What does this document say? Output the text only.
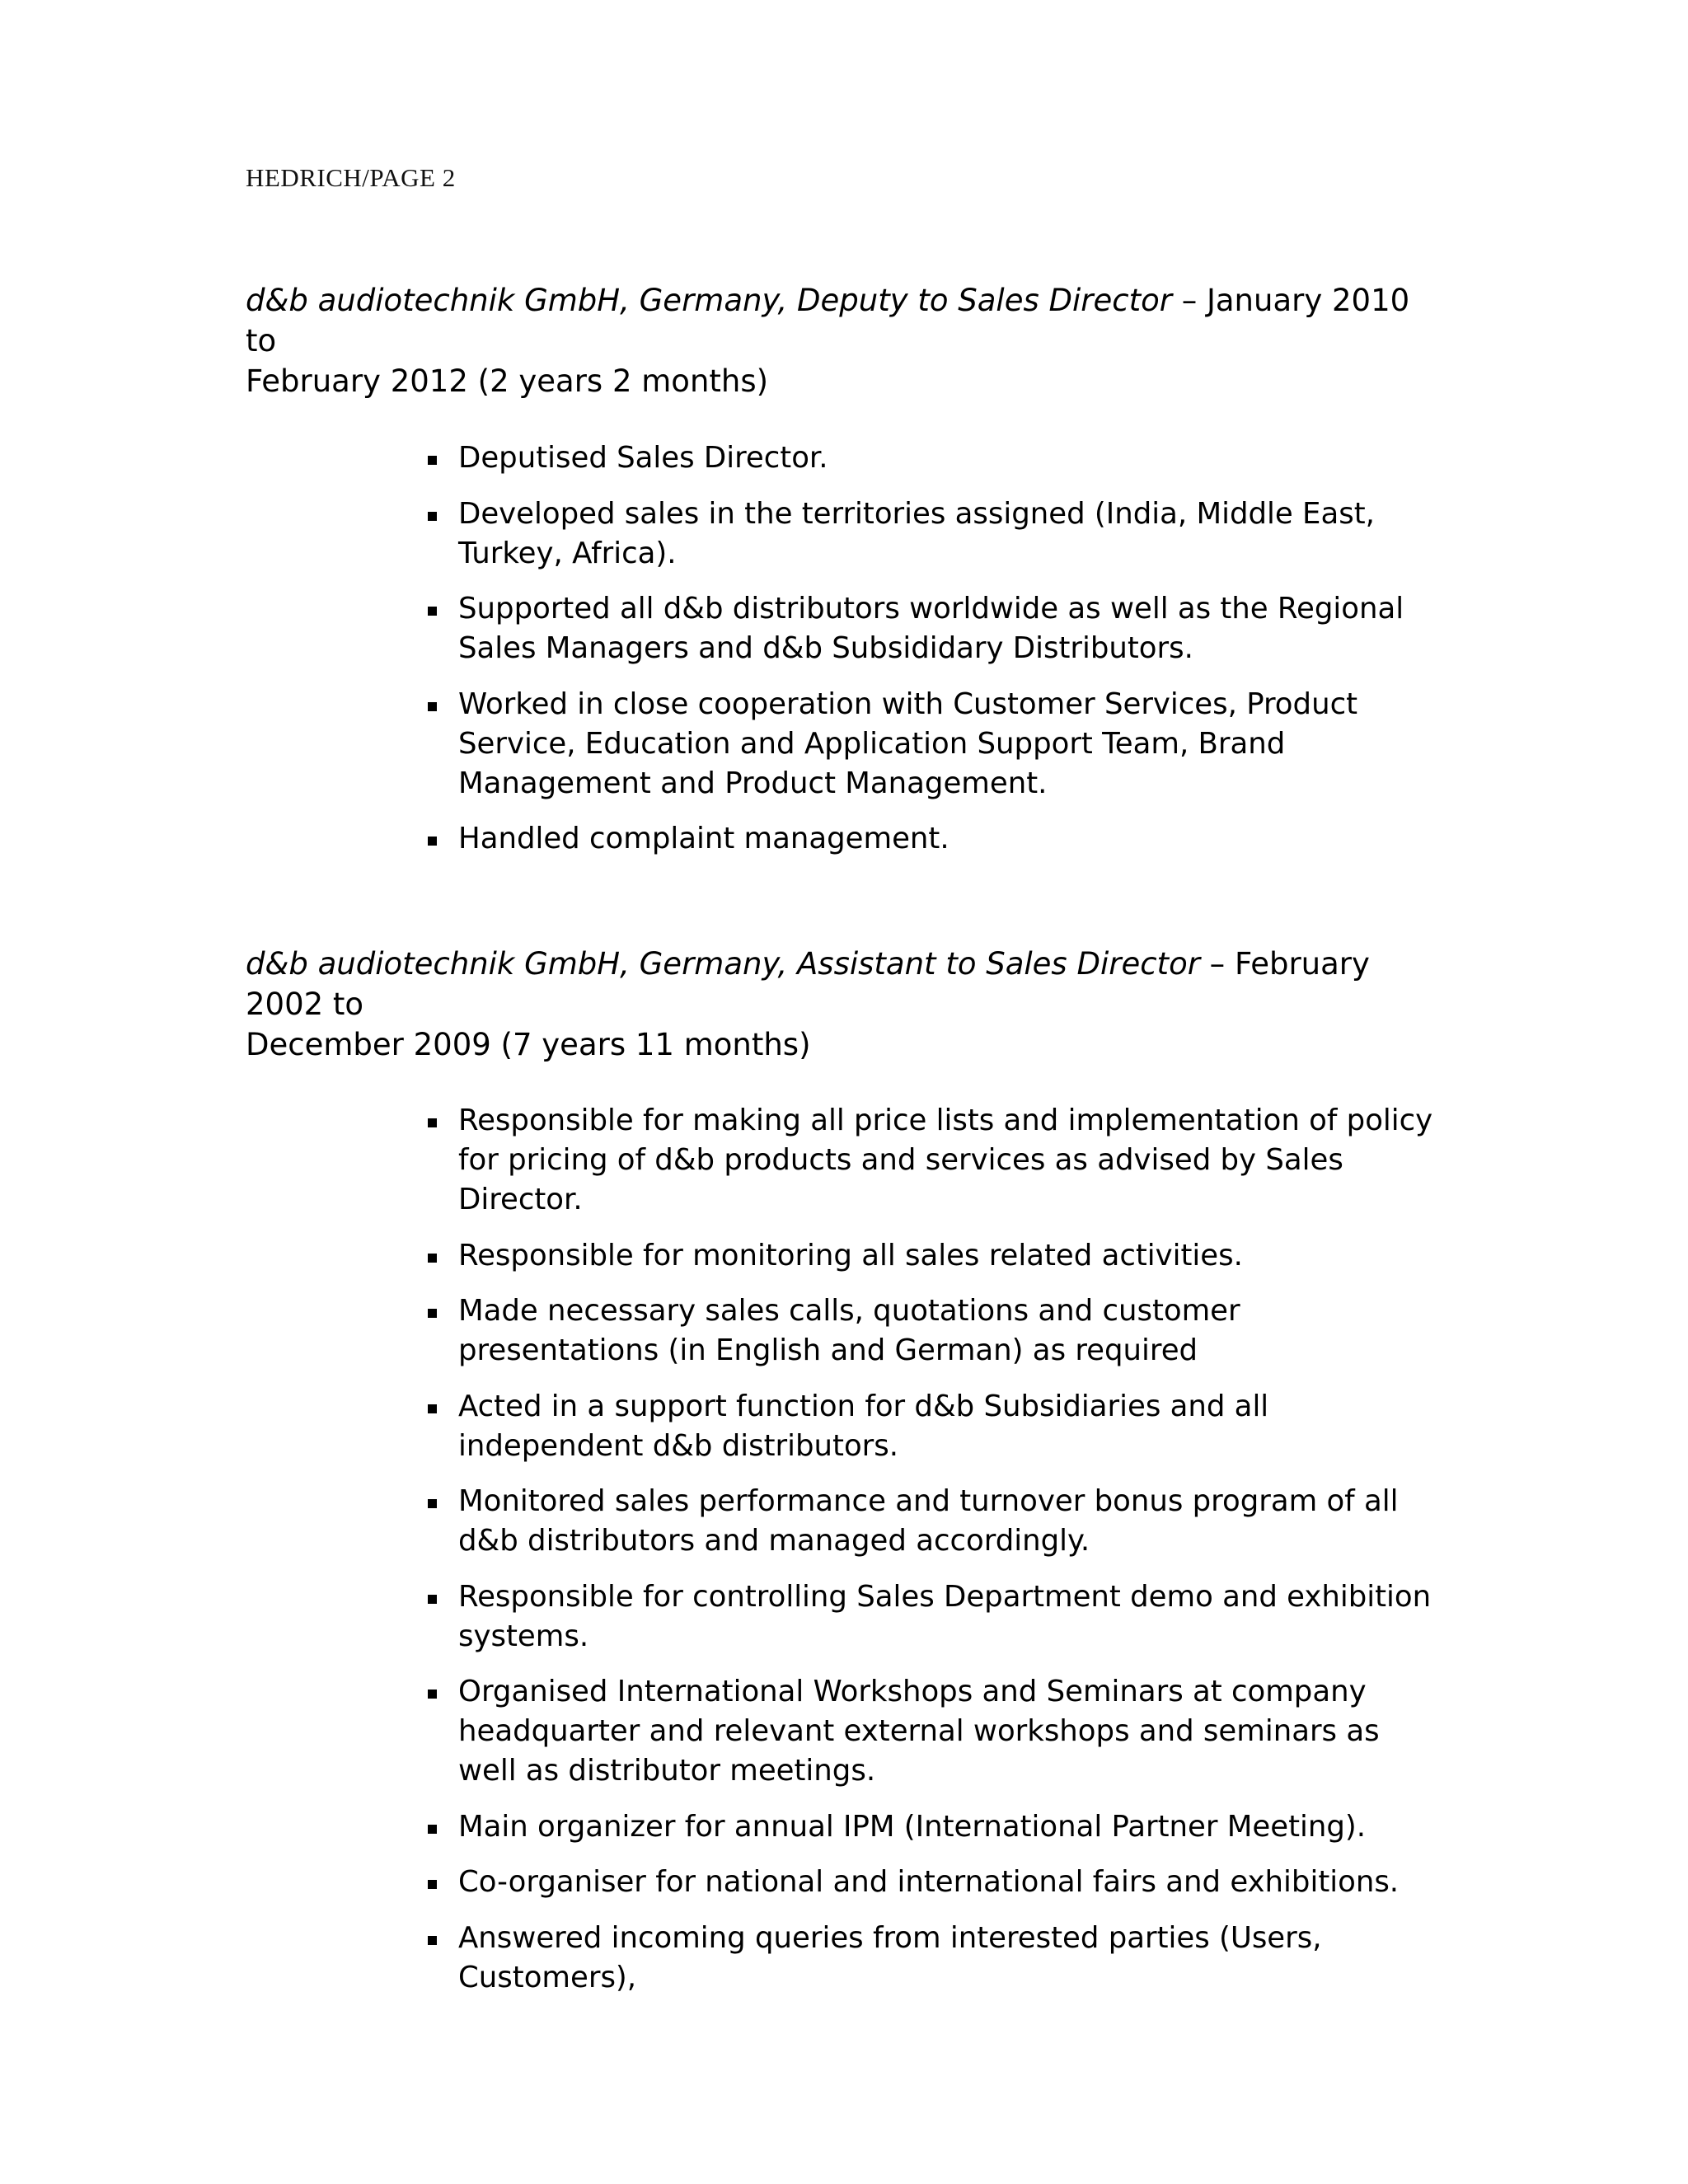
HEDRICH/PAGE 2
d&b audiotechnik GmbH, Germany, Deputy to Sales Director – January 2010 to
February 2012 (2 years 2 months)
Deputised Sales Director.
Developed sales in the territories assigned (India, Middle East, Turkey, Africa).
Supported all d&b distributors worldwide as well as the Regional Sales Managers and d&b Subsididary Distributors.
Worked in close cooperation with Customer Services, Product Service, Education and Application Support Team, Brand Management and Product Management.
Handled complaint management.
d&b audiotechnik GmbH, Germany, Assistant to Sales Director – February 2002 to
December 2009 (7 years 11 months)
Responsible for making all price lists and implementation of policy for pricing of d&b products and services as advised by Sales Director.
Responsible for monitoring all sales related activities.
Made necessary sales calls, quotations and customer presentations (in English and German) as required
Acted in a support function for d&b Subsidiaries and all independent d&b distributors.
Monitored sales performance and turnover bonus program of all d&b distributors and managed accordingly.
Responsible for controlling Sales Department demo and exhibition systems.
Organised International Workshops and Seminars at company headquarter and relevant external workshops and seminars as well as distributor meetings.
Main organizer for annual IPM (International Partner Meeting).
Co-organiser for national and international fairs and exhibitions.
Answered incoming queries from interested parties (Users, Customers),
